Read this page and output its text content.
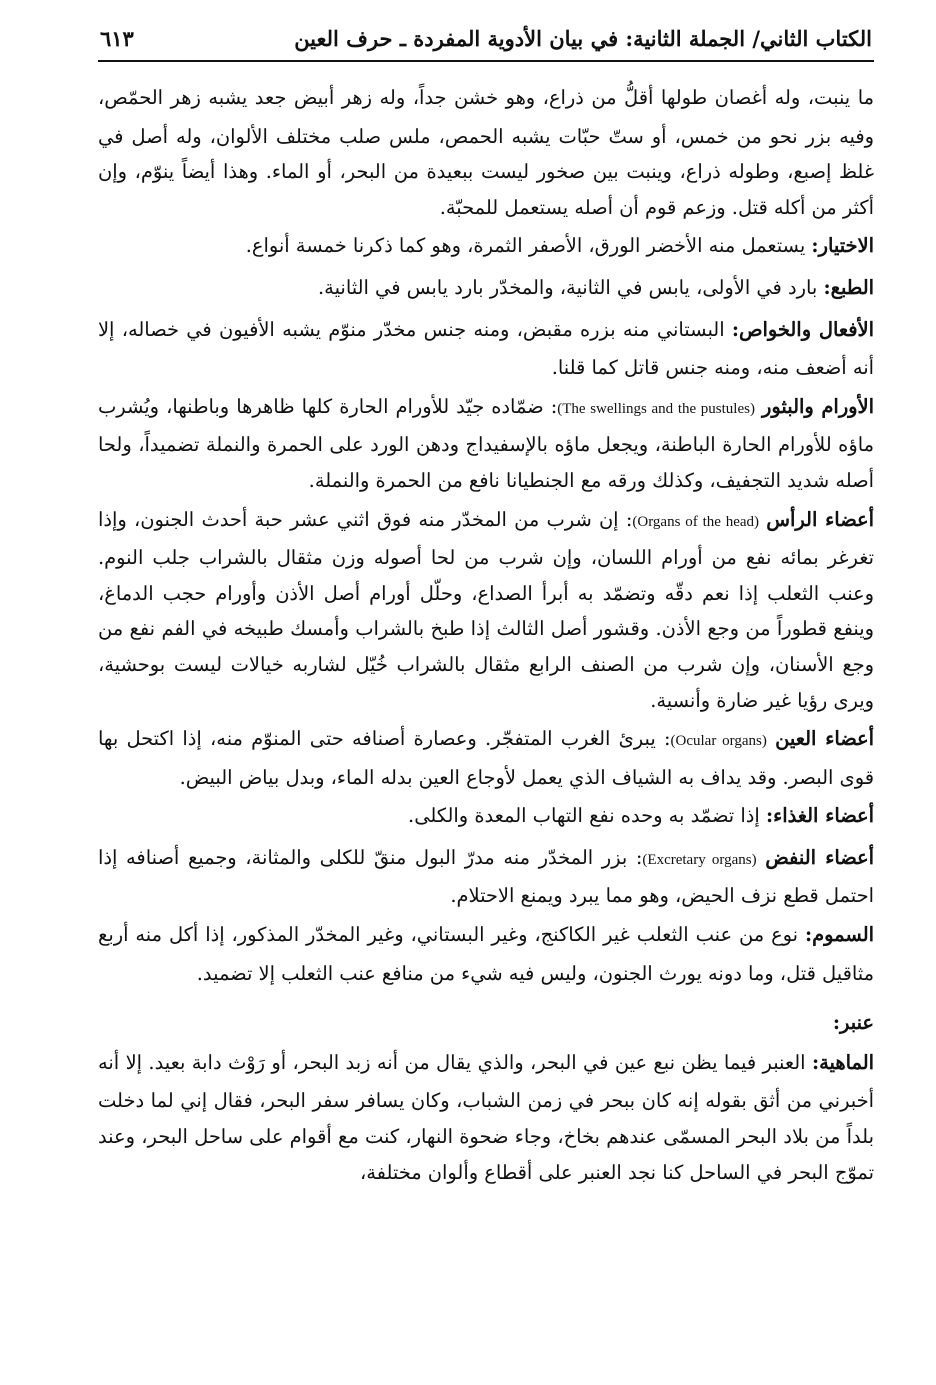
الكتاب الثاني/ الجملة الثانية: في بيان الأدوية المفردة ـ حرف العين
٦١٣

ما ينبت، وله أغصان طولها أقلُّ من ذراع، وهو خشن جداً، وله زهر أبيض جعد يشبه زهر الحمّص، وفيه بزر نحو من خمس، أو ستّ حبّات يشبه الحمص، ملس صلب مختلف الألوان، وله أصل في غلظ إصبع، وطوله ذراع، وينبت بين صخور ليست ببعيدة من البحر، أو الماء. وهذا أيضاً ينوّم، وإن أكثر من أكله قتل. وزعم قوم أن أصله يستعمل للمحبّة.

الاختيار: يستعمل منه الأخضر الورق، الأصفر الثمرة، وهو كما ذكرنا خمسة أنواع.

الطبع: بارد في الأولى، يابس في الثانية، والمخدّر بارد يابس في الثانية.

الأفعال والخواص: البستاني منه بزره مقبض، ومنه جنس مخدّر منوّم يشبه الأفيون في خصاله، إلا أنه أضعف منه، ومنه جنس قاتل كما قلنا.

الأورام والبثور (The swellings and the pustules): ضمّاده جيّد للأورام الحارة كلها ظاهرها وباطنها، ويُشرب ماؤه للأورام الحارة الباطنة، ويجعل ماؤه بالإسفيداج ودهن الورد على الحمرة والنملة تضميداً، ولحا أصله شديد التجفيف، وكذلك ورقه مع الجنطيانا نافع من الحمرة والنملة.

أعضاء الرأس (Organs of the head): إن شرب من المخدّر منه فوق اثني عشر حبة أحدث الجنون، وإذا تغرغر بمائه نفع من أورام اللسان، وإن شرب من لحا أصوله وزن مثقال بالشراب جلب النوم. وعنب الثعلب إذا نعم دقّه وتضمّد به أبرأ الصداع، وحلّل أورام أصل الأذن وأورام حجب الدماغ، وينفع قطوراً من وجع الأذن. وقشور أصل الثالث إذا طبخ بالشراب وأمسك طبيخه في الفم نفع من وجع الأسنان، وإن شرب من الصنف الرابع مثقال بالشراب خُيّل لشاربه خيالات ليست بوحشية، ويرى رؤيا غير ضارة وأنسية.

أعضاء العين (Ocular organs): يبرئ الغرب المتفجّر. وعصارة أصنافه حتى المنوّم منه، إذا اكتحل بها قوى البصر. وقد يداف به الشياف الذي يعمل لأوجاع العين بدله الماء، وبدل بياض البيض.

أعضاء الغذاء: إذا تضمّد به وحده نفع التهاب المعدة والكلى.

أعضاء النفض (Excretary organs): بزر المخدّر منه مدرّ البول منقّ للكلى والمثانة، وجميع أصنافه إذا احتمل قطع نزف الحيض، وهو مما يبرد ويمنع الاحتلام.

السموم: نوع من عنب الثعلب غير الكاكنج، وغير البستاني، وغير المخدّر المذكور، إذا أكل منه أربع مثاقيل قتل، وما دونه يورث الجنون، وليس فيه شيء من منافع عنب الثعلب إلا تضميد.

عنبر:

الماهية: العنبر فيما يظن نبع عين في البحر، والذي يقال من أنه زبد البحر، أو رَوْث دابة بعيد. إلا أنه أخبرني من أثق بقوله إنه كان ببحر في زمن الشباب، وكان يسافر سفر البحر، فقال إني لما دخلت بلداً من بلاد البحر المسمّى عندهم بخاخ، وجاء ضحوة النهار، كنت مع أقوام على ساحل البحر، وعند تموّج البحر في الساحل كنا نجد العنبر على أقطاع وألوان مختلفة،
